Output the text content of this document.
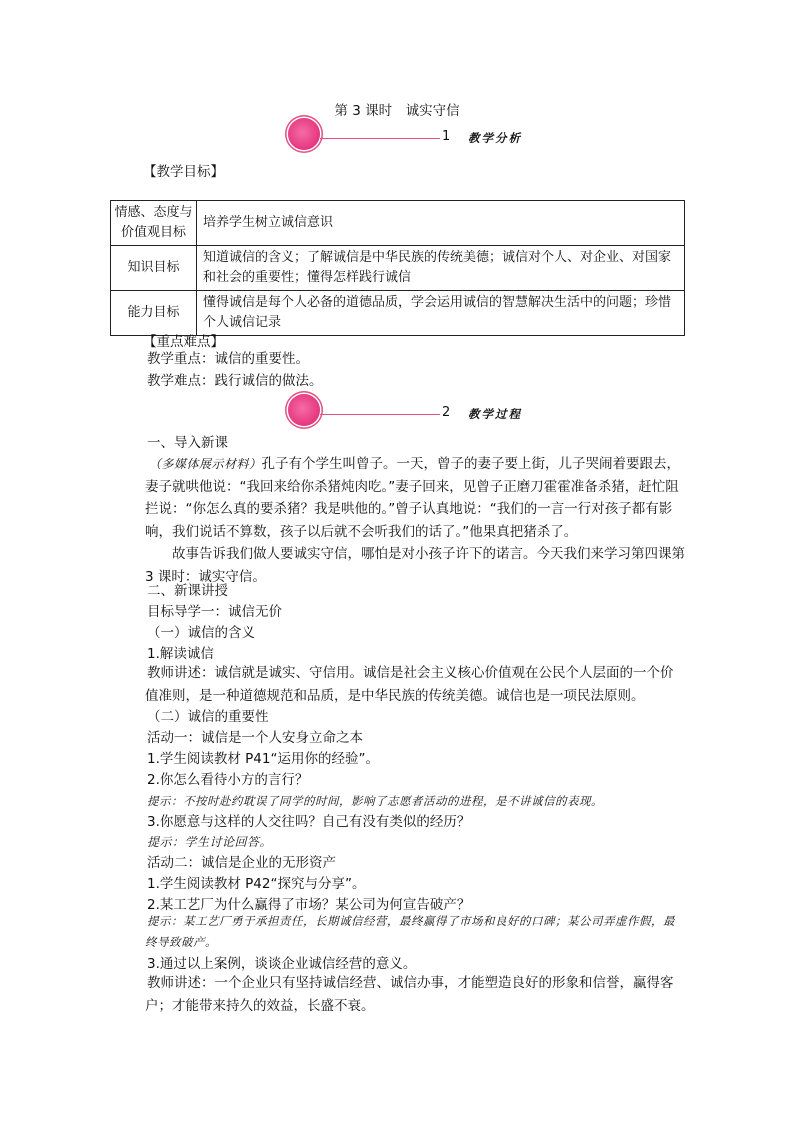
第 3 课时　诚实守信
1 教学分析
【教学目标】
情感、态度与价值观目标	培养学生树立诚信意识
知识目标	知道诚信的含义；了解诚信是中华民族的传统美德；诚信对个人、对企业、对国家和社会的重要性；懂得怎样践行诚信
能力目标	懂得诚信是每个人必备的道德品质，学会运用诚信的智慧解决生活中的问题；珍惜个人诚信记录
【重点难点】
教学重点：诚信的重要性。
教学难点：践行诚信的做法。
2 教学过程
一、导入新课
（多媒体展示材料）孔子有个学生叫曾子。一天，曾子的妻子要上街，儿子哭闹着要跟去，妻子就哄他说：“我回来给你杀猪炖肉吃。”妻子回来，见曾子正磨刀霍霍准备杀猪，赶忙阻拦说：“你怎么真的要杀猪？我是哄他的。”曾子认真地说：“我们的一言一行对孩子都有影响，我们说话不算数，孩子以后就不会听我们的话了。”他果真把猪杀了。
故事告诉我们做人要诚实守信，哪怕是对小孩子许下的诺言。今天我们来学习第四课第 3 课时：诚实守信。
二、新课讲授
目标导学一：诚信无价
（一）诚信的含义
1.解读诚信
教师讲述：诚信就是诚实、守信用。诚信是社会主义核心价值观在公民个人层面的一个价值准则，是一种道德规范和品质，是中华民族的传统美德。诚信也是一项民法原则。
（二）诚信的重要性
活动一：诚信是一个人安身立命之本
1.学生阅读教材 P41“运用你的经验”。
2.你怎么看待小方的言行？
提示：不按时赴约耽误了同学的时间，影响了志愿者活动的进程，是不讲诚信的表现。
3.你愿意与这样的人交往吗？自己有没有类似的经历？
提示：学生讨论回答。
活动二：诚信是企业的无形资产
1.学生阅读教材 P42“探究与分享”。
2.某工艺厂为什么赢得了市场？某公司为何宣告破产？
提示：某工艺厂勇于承担责任，长期诚信经营，最终赢得了市场和良好的口碑；某公司弄虚作假，最终导致破产。
3.通过以上案例，谈谈企业诚信经营的意义。
教师讲述：一个企业只有坚持诚信经营、诚信办事，才能塑造良好的形象和信誉，赢得客户；才能带来持久的效益，长盛不衰。
